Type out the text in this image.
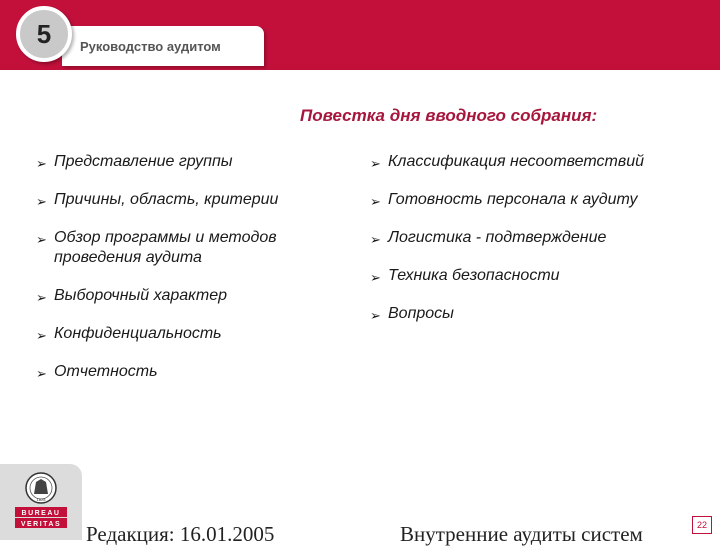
Руководство аудитом
5
Повестка дня вводного собрания:
➢ Представление группы
➢ Причины, область, критерии
➢ Обзор программы и методов проведения аудита
➢ Выборочный характер
➢ Конфиденциальность
➢ Отчетность
➢ Классификация несоответствий
➢ Готовность персонала к аудиту
➢ Логистика - подтверждение
➢ Техника безопасности
➢ Вопросы
1828
BUREAU
VERITAS Редакция: 16.01.2005	Внутренние аудиты систем	22
